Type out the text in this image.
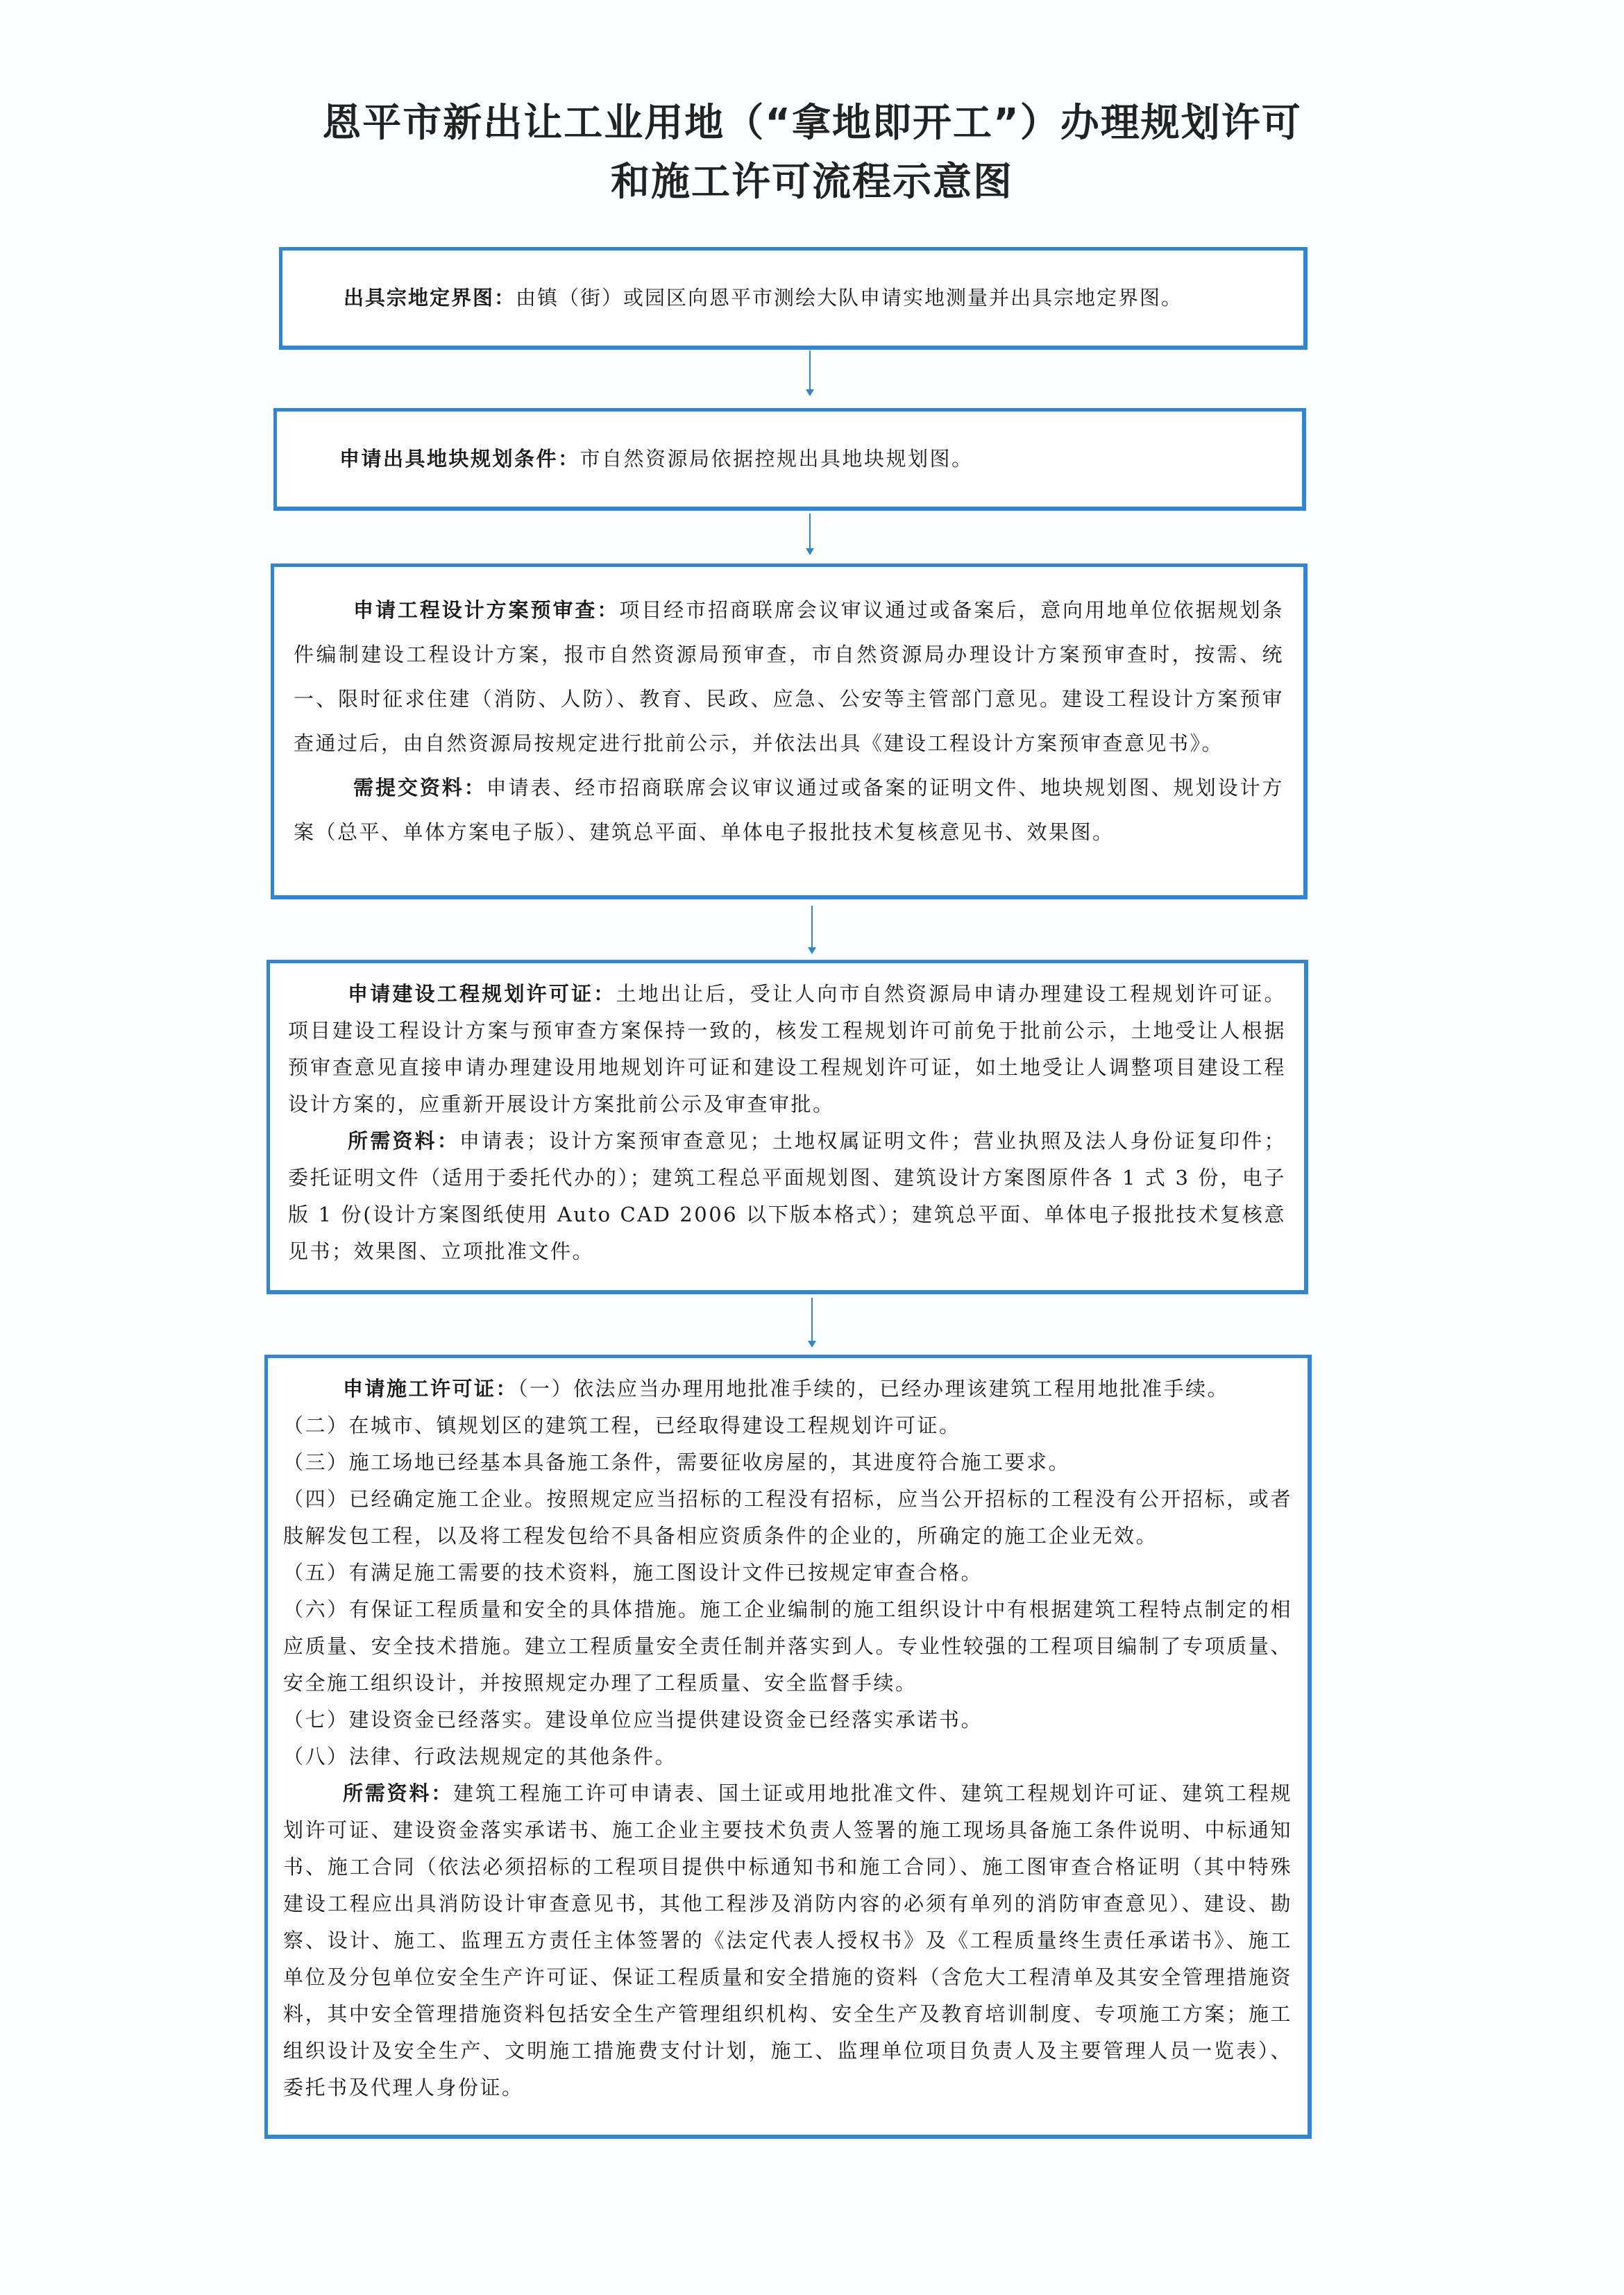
恩平市新出让工业用地（“拿地即开工”）办理规划许可
和施工许可流程示意图

出具宗地定界图：由镇（街）或园区向恩平市测绘大队申请实地测量并出具宗地定界图。

申请出具地块规划条件：市自然资源局依据控规出具地块规划图。

申请工程设计方案预审查：项目经市招商联席会议审议通过或备案后，意向用地单位依据规划条件编制建设工程设计方案，报市自然资源局预审查，市自然资源局办理设计方案预审查时，按需、统一、限时征求住建（消防、人防）、教育、民政、应急、公安等主管部门意见。建设工程设计方案预审查通过后，由自然资源局按规定进行批前公示，并依法出具《建设工程设计方案预审查意见书》。

需提交资料：申请表、经市招商联席会议审议通过或备案的证明文件、地块规划图、规划设计方案（总平、单体方案电子版）、建筑总平面、单体电子报批技术复核意见书、效果图。

申请建设工程规划许可证：土地出让后，受让人向市自然资源局申请办理建设工程规划许可证。项目建设工程设计方案与预审查方案保持一致的，核发工程规划许可前免于批前公示，土地受让人根据预审查意见直接申请办理建设用地规划许可证和建设工程规划许可证，如土地受让人调整项目建设工程设计方案的，应重新开展设计方案批前公示及审查审批。

所需资料：申请表；设计方案预审查意见；土地权属证明文件；营业执照及法人身份证复印件；委托证明文件（适用于委托代办的）；建筑工程总平面规划图、建筑设计方案图原件各 1 式 3 份，电子版 1 份(设计方案图纸使用 Auto CAD 2006 以下版本格式）；建筑总平面、单体电子报批技术复核意见书；效果图、立项批准文件。

申请施工许可证：（一）依法应当办理用地批准手续的，已经办理该建筑工程用地批准手续。

（二）在城市、镇规划区的建筑工程，已经取得建设工程规划许可证。

（三）施工场地已经基本具备施工条件，需要征收房屋的，其进度符合施工要求。

（四）已经确定施工企业。按照规定应当招标的工程没有招标，应当公开招标的工程没有公开招标，或者肢解发包工程，以及将工程发包给不具备相应资质条件的企业的，所确定的施工企业无效。

（五）有满足施工需要的技术资料，施工图设计文件已按规定审查合格。

（六）有保证工程质量和安全的具体措施。施工企业编制的施工组织设计中有根据建筑工程特点制定的相应质量、安全技术措施。建立工程质量安全责任制并落实到人。专业性较强的工程项目编制了专项质量、安全施工组织设计，并按照规定办理了工程质量、安全监督手续。

（七）建设资金已经落实。建设单位应当提供建设资金已经落实承诺书。

（八）法律、行政法规规定的其他条件。

所需资料：建筑工程施工许可申请表、国土证或用地批准文件、建筑工程规划许可证、建筑工程规划许可证、建设资金落实承诺书、施工企业主要技术负责人签署的施工现场具备施工条件说明、中标通知书、施工合同（依法必须招标的工程项目提供中标通知书和施工合同）、施工图审查合格证明（其中特殊建设工程应出具消防设计审查意见书，其他工程涉及消防内容的必须有单列的消防审查意见）、建设、勘察、设计、施工、监理五方责任主体签署的《法定代表人授权书》及《工程质量终生责任承诺书》、施工单位及分包单位安全生产许可证、保证工程质量和安全措施的资料（含危大工程清单及其安全管理措施资料，其中安全管理措施资料包括安全生产管理组织机构、安全生产及教育培训制度、专项施工方案；施工组织设计及安全生产、文明施工措施费支付计划，施工、监理单位项目负责人及主要管理人员一览表）、委托书及代理人身份证。
